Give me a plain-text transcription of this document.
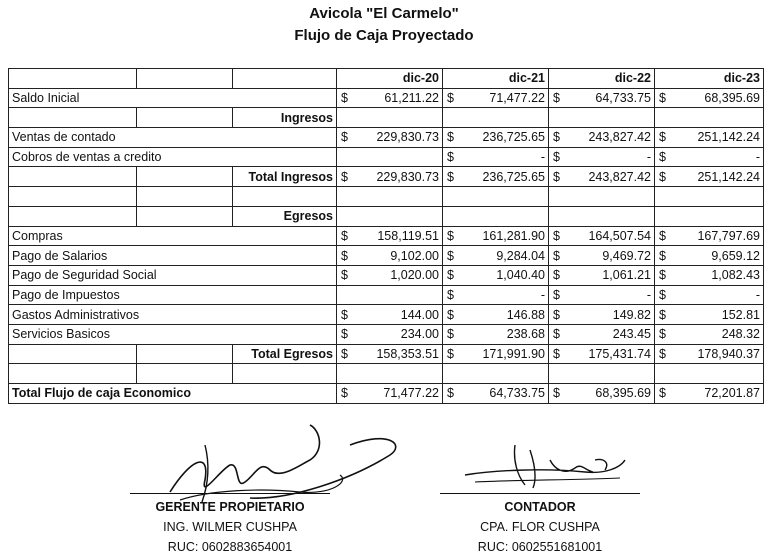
Avicola "El Carmelo"
Flujo de Caja Proyectado
			dic-20	dic-21	dic-22	dic-23
Saldo Inicial			$ 61,211.22	$ 71,477.22	$ 64,733.75	$ 68,395.69

		Ingresos				
Ventas de contado			$ 229,830.73	$ 236,725.65	$ 243,827.42	$ 251,142.24

Cobros de ventas a credito				$ -	$ -	$ -

		Total Ingresos	$ 229,830.73	$ 236,725.65	$ 243,827.42	$ 251,142.24

		Egresos				
Compras			$ 158,119.51	$ 161,281.90	$ 164,507.54	$ 167,797.69

Pago de Salarios			$ 9,102.00	$ 9,284.04	$ 9,469.72	$ 9,659.12

Pago de Seguridad Social			$ 1,020.00	$ 1,040.40	$ 1,061.21	$ 1,082.43

Pago de Impuestos				$ -	$ -	$ -

Gastos Administrativos			$ 144.00	$ 146.88	$ 149.82	$ 152.81

Servicios Basicos			$ 234.00	$ 238.68	$ 243.45	$ 248.32

		Total Egresos	$ 158,353.51	$ 171,991.90	$ 175,431.74	$ 178,940.37

Total Flujo de caja Economico			$ 71,477.22	$ 64,733.75	$ 68,395.69	$ 72,201.87
GERENTE PROPIETARIO
ING. WILMER CUSHPA
RUC: 0602883654001
CONTADOR
CPA. FLOR CUSHPA
RUC: 0602551681001
